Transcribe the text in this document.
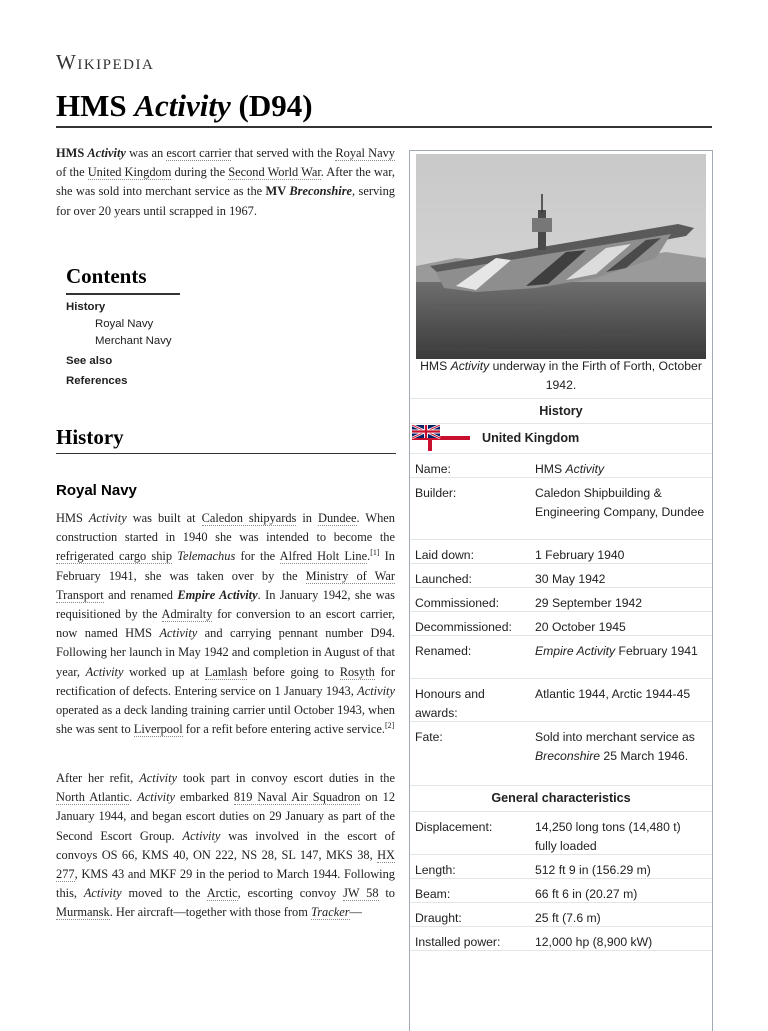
Wikipedia
HMS Activity (D94)

HMS Activity was an escort carrier that served with the Royal Navy of the United Kingdom during the Second World War. After the war, she was sold into merchant service as the MV Breconshire, serving for over 20 years until scrapped in 1967.

Contents
History
Royal Navy
Merchant Navy
See also
References
History
Royal Navy

HMS Activity was built at Caledon shipyards in Dundee. When construction started in 1940 she was intended to become the refrigerated cargo ship Telemachus for the Alfred Holt Line.[1] In February 1941, she was taken over by the Ministry of War Transport and renamed Empire Activity. In January 1942, she was requisitioned by the Admiralty for conversion to an escort carrier, now named HMS Activity and carrying pennant number D94. Following her launch in May 1942 and completion in August of that year, Activity worked up at Lamlash before going to Rosyth for rectification of defects. Entering service on 1 January 1943, Activity operated as a deck landing training carrier until October 1943, when she was sent to Liverpool for a refit before entering active service.[2]

After her refit, Activity took part in convoy escort duties in the North Atlantic. Activity embarked 819 Naval Air Squadron on 12 January 1944, and began escort duties on 29 January as part of the Second Escort Group. Activity was involved in the escort of convoys OS 66, KMS 40, ON 222, NS 28, SL 147, MKS 38, HX 277, KMS 43 and MKF 29 in the period to March 1944. Following this, Activity moved to the Arctic, escorting convoy JW 58 to Murmansk. Her aircraft—together with those from Tracker—

HMS Activity underway in the Firth of Forth, October 1942.
History
United Kingdom
Name:	HMS Activity
Builder:	Caledon Shipbuilding & Engineering Company, Dundee
Laid down:	1 February 1940
Launched:	30 May 1942
Commissioned:	29 September 1942
Decommissioned:	20 October 1945
Renamed:	Empire Activity February 1941
Honours and awards:
Atlantic 1944, Arctic 1944-45
Fate:	Sold into merchant service as Breconshire 25 March 1946.
General characteristics
Displacement:	14,250 long tons (14,480 t) fully loaded
Length:	512 ft 9 in (156.29 m)
Beam:	66 ft 6 in (20.27 m)
Draught:	25 ft (7.6 m)
Installed power:	12,000 hp (8,900 kW)
